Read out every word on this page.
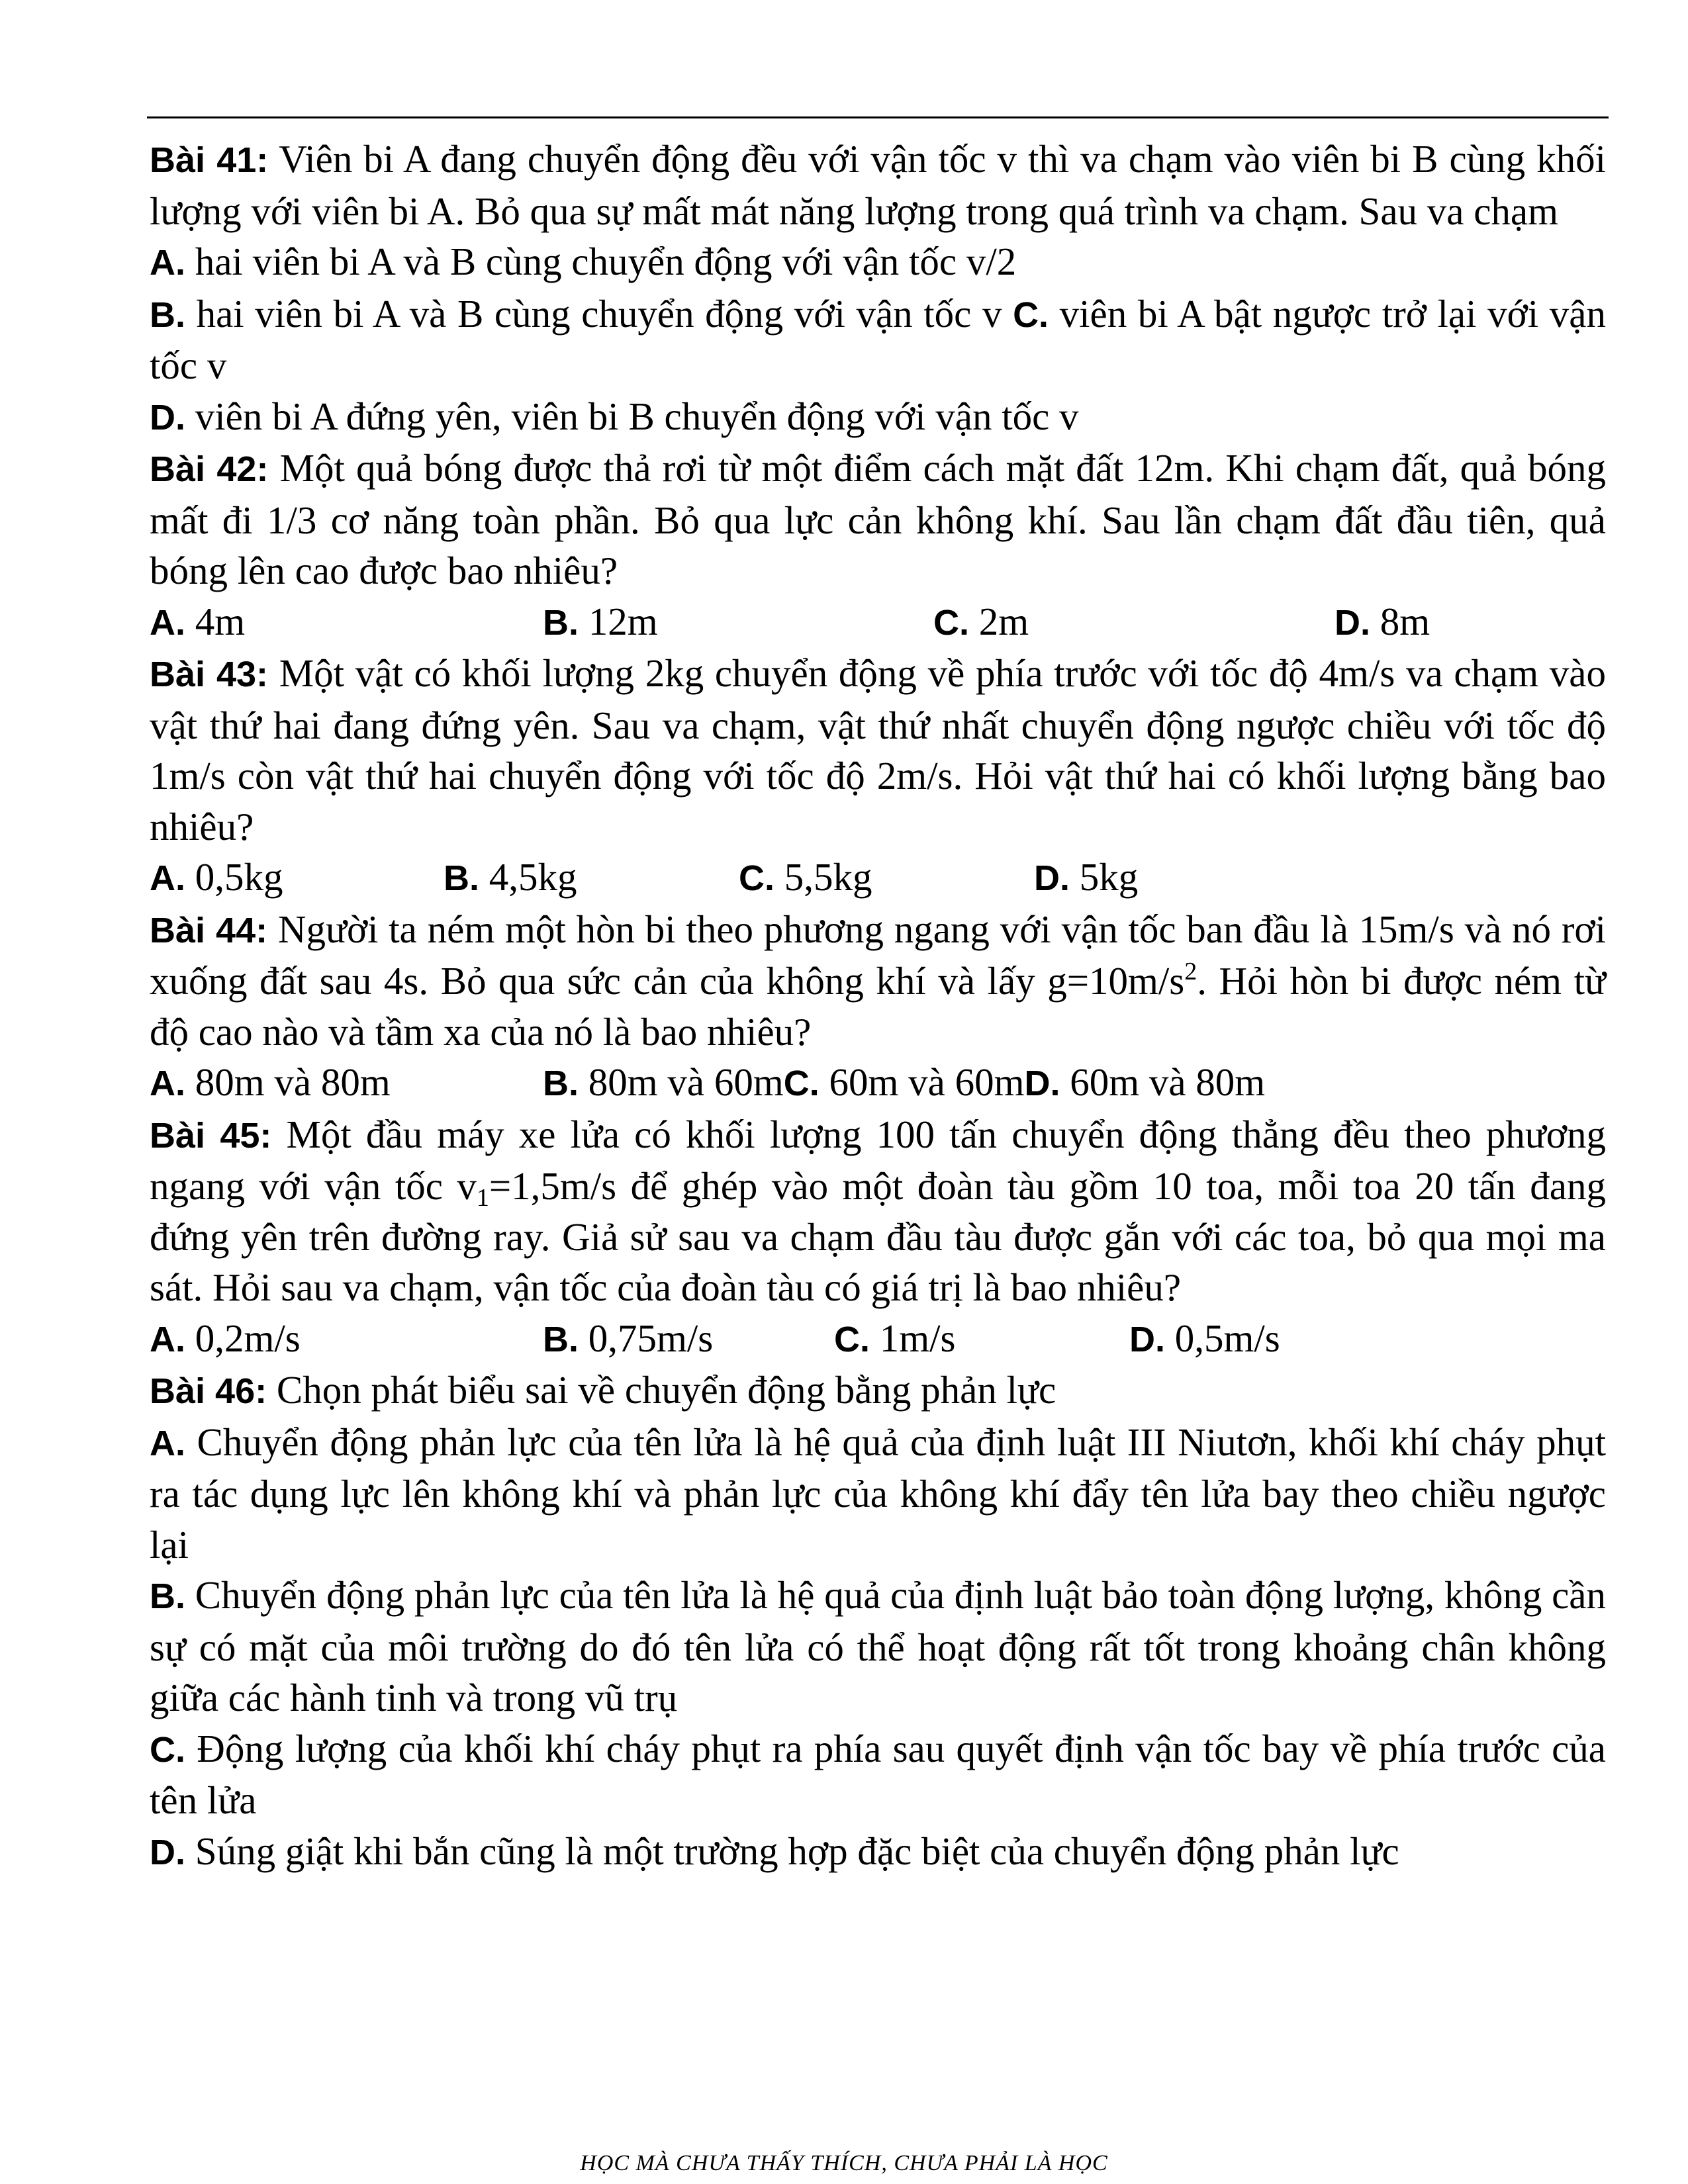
Bài 41: Viên bi A đang chuyển động đều với vận tốc v thì va chạm vào viên bi B cùng khối lượng với viên bi A. Bỏ qua sự mất mát năng lượng trong quá trình va chạm. Sau va chạm

A. hai viên bi A và B cùng chuyển động với vận tốc v/2

B. hai viên bi A và B cùng chuyển động với vận tốc v C. viên bi A bật ngược trở lại với vận tốc v

D. viên bi A đứng yên, viên bi B chuyển động với vận tốc v

Bài 42: Một quả bóng được thả rơi từ một điểm cách mặt đất 12m. Khi chạm đất, quả bóng mất đi 1/3 cơ năng toàn phần. Bỏ qua lực cản không khí. Sau lần chạm đất đầu tiên, quả bóng lên cao được bao nhiêu?

A. 4m	B. 12m	C. 2m	D. 8m

Bài 43: Một vật có khối lượng 2kg chuyển động về phía trước với tốc độ 4m/s va chạm vào vật thứ hai đang đứng yên. Sau va chạm, vật thứ nhất chuyển động ngược chiều với tốc độ 1m/s còn vật thứ hai chuyển động với tốc độ 2m/s. Hỏi vật thứ hai có khối lượng bằng bao nhiêu?

A. 0,5kg	B. 4,5kg	C. 5,5kg	D. 5kg

Bài 44: Người ta ném một hòn bi theo phương ngang với vận tốc ban đầu là 15m/s và nó rơi xuống đất sau 4s. Bỏ qua sức cản của không khí và lấy $g=10m/s^2$. Hỏi hòn bi được ném từ độ cao nào và tầm xa của nó là bao nhiêu?

A. 80m và 80m	B. 80m và 60m C. 60m và 60m D. 60m và 80m

Bài 45: Một đầu máy xe lửa có khối lượng 100 tấn chuyển động thẳng đều theo phương ngang với vận tốc $v_1=1,5m/s$ để ghép vào một đoàn tàu gồm 10 toa, mỗi toa 20 tấn đang đứng yên trên đường ray. Giả sử sau va chạm đầu tàu được gắn với các toa, bỏ qua mọi ma sát. Hỏi sau va chạm, vận tốc của đoàn tàu có giá trị là bao nhiêu?

A. 0,2m/s	B. 0,75m/s	C. 1m/s	D. 0,5m/s

Bài 46: Chọn phát biểu sai về chuyển động bằng phản lực

A. Chuyển động phản lực của tên lửa là hệ quả của định luật III Niutơn, khối khí cháy phụt ra tác dụng lực lên không khí và phản lực của không khí đẩy tên lửa bay theo chiều ngược lại

B. Chuyển động phản lực của tên lửa là hệ quả của định luật bảo toàn động lượng, không cần sự có mặt của môi trường do đó tên lửa có thể hoạt động rất tốt trong khoảng chân không giữa các hành tinh và trong vũ trụ

C. Động lượng của khối khí cháy phụt ra phía sau quyết định vận tốc bay về phía trước của tên lửa

D. Súng giật khi bắn cũng là một trường hợp đặc biệt của chuyển động phản lực

HỌC MÀ CHƯA THẤY THÍCH, CHƯA PHẢI LÀ HỌC
